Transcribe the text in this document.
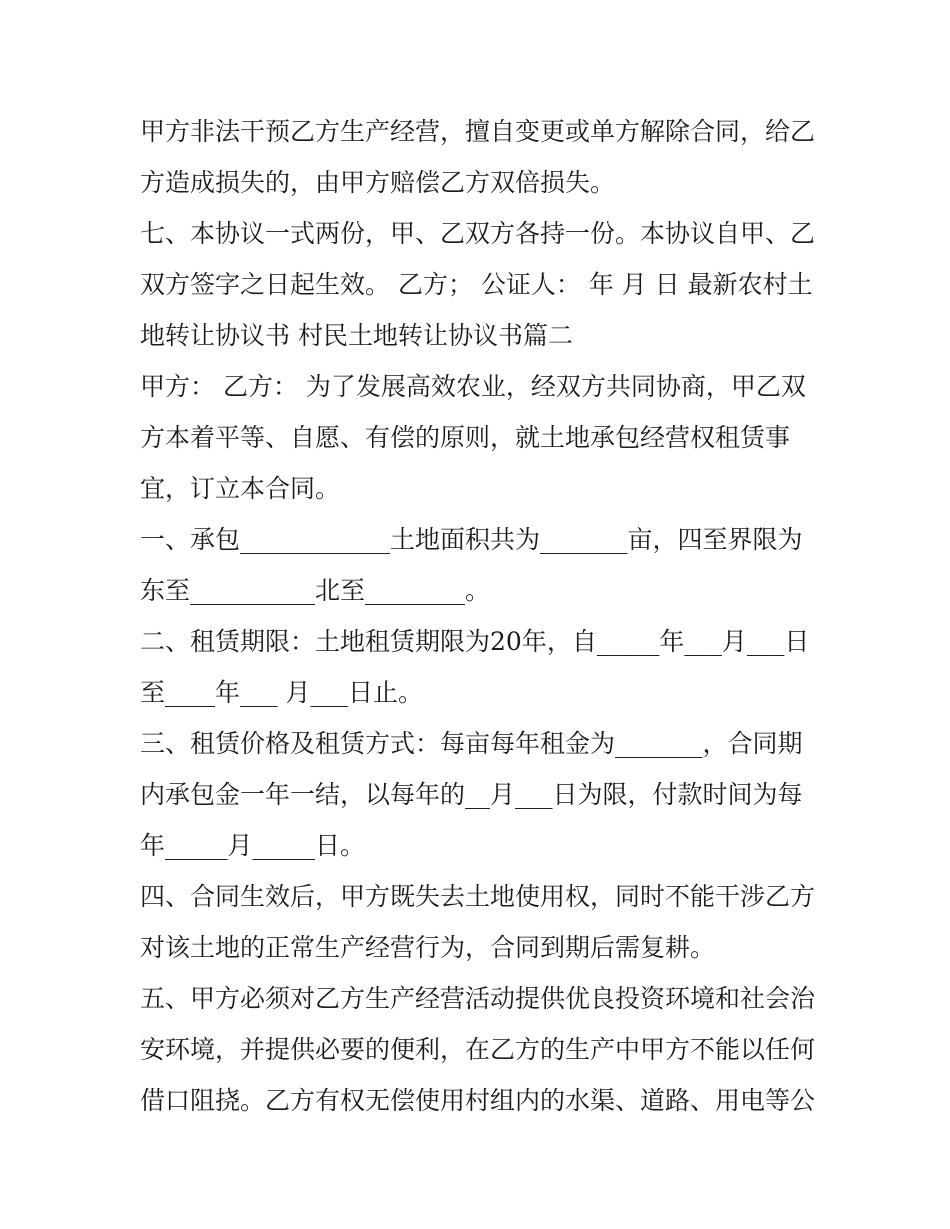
甲方非法干预乙方生产经营，擅自变更或单方解除合同，给乙
方造成损失的，由甲方赔偿乙方双倍损失。
七、本协议一式两份，甲、乙双方各持一份。本协议自甲、乙
双方签字之日起生效。 乙方； 公证人： 年 月 日 最新农村土
地转让协议书 村民土地转让协议书篇二
甲方： 乙方： 为了发展高效农业，经双方共同协商，甲乙双
方本着平等、自愿、有偿的原则，就土地承包经营权租赁事
宜，订立本合同。
一、承包____________土地面积共为_______亩，四至界限为
东至__________北至________。
二、租赁期限：土地租赁期限为20年，自_____年___月___日
至____年___ 月___日止。
三、租赁价格及租赁方式：每亩每年租金为_______，合同期
内承包金一年一结，以每年的__月___日为限，付款时间为每
年_____月_____日。
四、合同生效后，甲方既失去土地使用权，同时不能干涉乙方
对该土地的正常生产经营行为，合同到期后需复耕。
五、甲方必须对乙方生产经营活动提供优良投资环境和社会治
安环境，并提供必要的便利，在乙方的生产中甲方不能以任何
借口阻挠。乙方有权无偿使用村组内的水渠、道路、用电等公
